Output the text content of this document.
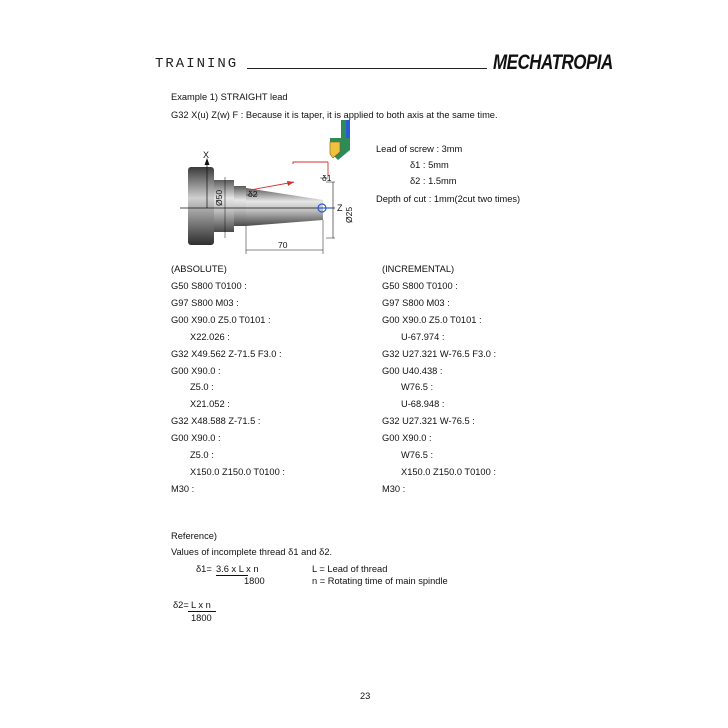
TRAINING	MECHATROPIA
Example 1) STRAIGHT lead
G32 X(u) Z(w) F : Because it is taper, it is applied to both axis at the same time.
X
Z
Ø50
Ø25
δ1
δ2
70
Lead of screw : 3mm
δ1 : 5mm
δ2 : 1.5mm
Depth of cut : 1mm(2cut two times)
(ABSOLUTE)
G50 S800 T0100 :
G97 S800 M03 :
G00 X90.0 Z5.0 T0101 :
X22.026 :
G32 X49.562 Z-71.5 F3.0 :
G00 X90.0 :
Z5.0 :
X21.052 :
G32 X48.588 Z-71.5 :
G00 X90.0 :
Z5.0 :
X150.0 Z150.0 T0100 :
M30 :
(INCREMENTAL)
G50 S800 T0100 :
G97 S800 M03 :
G00 X90.0 Z5.0 T0101 :
U-67.974 :
G32 U27.321 W-76.5 F3.0 :
G00 U40.438 :
W76.5 :
U-68.948 :
G32 U27.321 W-76.5 :
G00 X90.0 :
W76.5 :
X150.0 Z150.0 T0100 :
M30 :
Reference)
Values of incomplete thread δ1 and δ2.
δ1= 3.6 x L x n
1800
L = Lead of thread
n = Rotating time of main spindle
δ2= L x n
1800
23
